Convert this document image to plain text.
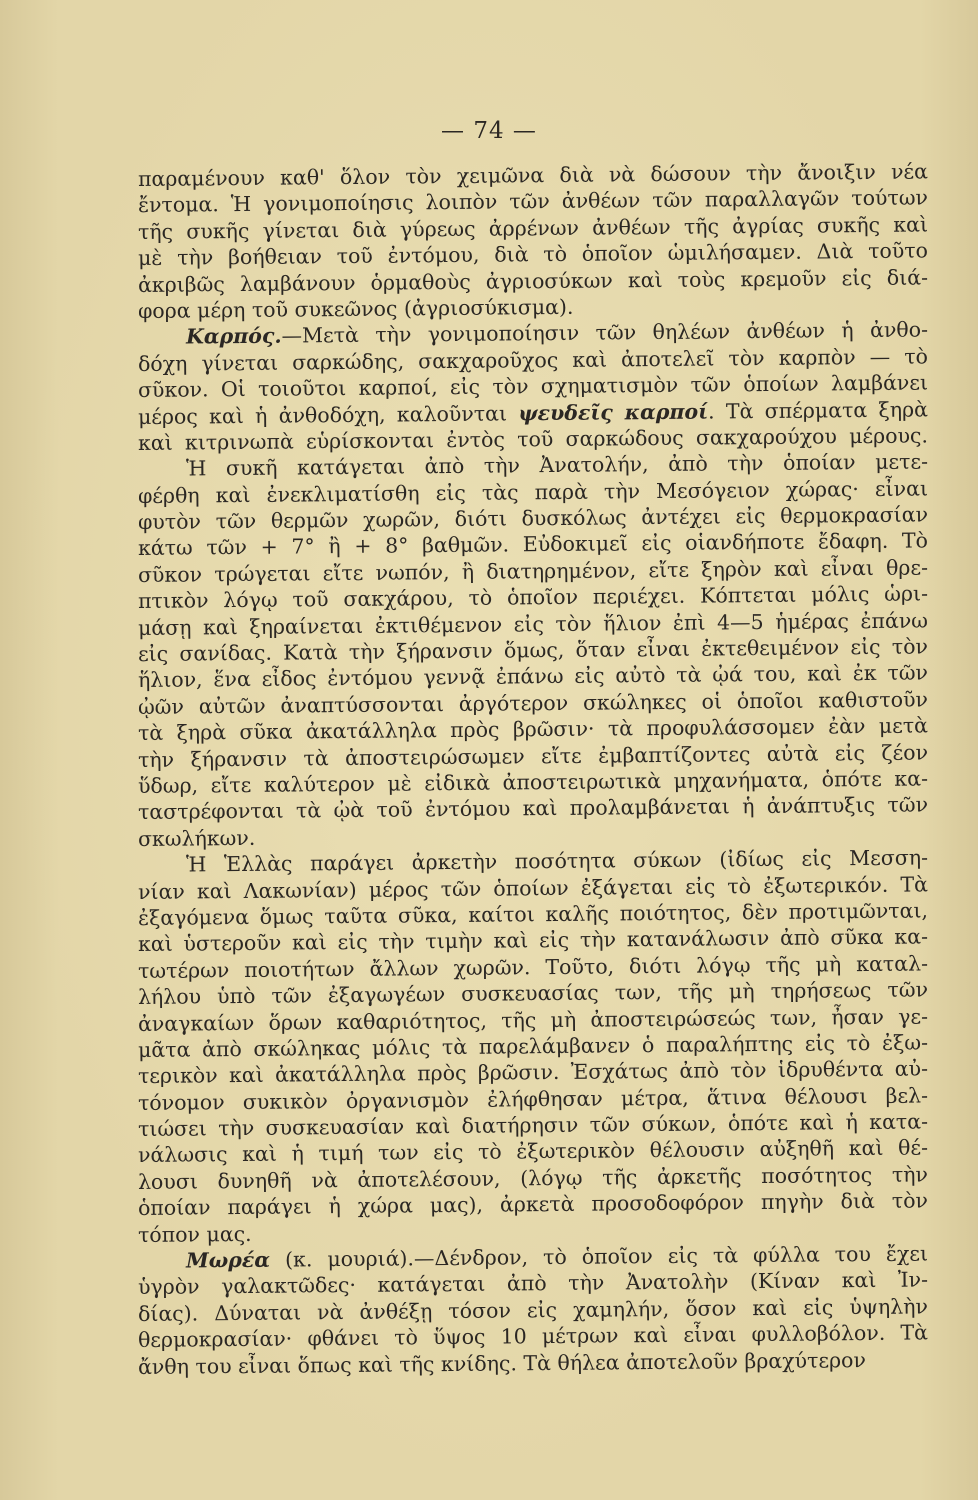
— 74 —
παραμένουν καθ' ὅλον τὸν χειμῶνα διὰ νὰ δώσουν τὴν ἄνοιξιν νέα
ἔντομα. Ἡ γονιμοποίησις λοιπὸν τῶν ἀνθέων τῶν παραλλαγῶν τούτων
τῆς συκῆς γίνεται διὰ γύρεως ἀρρένων ἀνθέων τῆς ἀγρίας συκῆς καὶ
μὲ τὴν βοήθειαν τοῦ ἐντόμου, διὰ τὸ ὁποῖον ὡμιλήσαμεν. Διὰ τοῦτο
ἀκριβῶς λαμβάνουν ὁρμαθοὺς ἀγριοσύκων καὶ τοὺς κρεμοῦν εἰς διά-
φορα μέρη τοῦ συκεῶνος (ἀγριοσύκισμα).
Καρπός.—Μετὰ τὴν γονιμοποίησιν τῶν θηλέων ἀνθέων ἡ ἀνθο-
δόχη γίνεται σαρκώδης, σακχαροῦχος καὶ ἀποτελεῖ τὸν καρπὸν — τὸ
σῦκον. Οἱ τοιοῦτοι καρποί, εἰς τὸν σχηματισμὸν τῶν ὁποίων λαμβάνει
μέρος καὶ ἡ ἀνθοδόχη, καλοῦνται ψευδεῖς καρποί. Τὰ σπέρματα ξηρὰ
καὶ κιτρινωπὰ εὑρίσκονται ἐντὸς τοῦ σαρκώδους σακχαρούχου μέρους.
Ἡ συκῆ κατάγεται ἀπὸ τὴν Ἀνατολήν, ἀπὸ τὴν ὁποίαν μετε-
φέρθη καὶ ἐνεκλιματίσθη εἰς τὰς παρὰ τὴν Μεσόγειον χώρας· εἶναι
φυτὸν τῶν θερμῶν χωρῶν, διότι δυσκόλως ἀντέχει εἰς θερμοκρασίαν
κάτω τῶν + 7° ἢ + 8° βαθμῶν. Εὐδοκιμεῖ εἰς οἱανδήποτε ἔδαφη. Τὸ
σῦκον τρώγεται εἴτε νωπόν, ἢ διατηρημένον, εἴτε ξηρὸν καὶ εἶναι θρε-
πτικὸν λόγῳ τοῦ σακχάρου, τὸ ὁποῖον περιέχει. Κόπτεται μόλις ὡρι-
μάσῃ καὶ ξηραίνεται ἐκτιθέμενον εἰς τὸν ἥλιον ἐπὶ 4—5 ἡμέρας ἐπάνω
εἰς σανίδας. Κατὰ τὴν ξήρανσιν ὅμως, ὅταν εἶναι ἐκτεθειμένον εἰς τὸν
ἥλιον, ἕνα εἶδος ἐντόμου γεννᾷ ἐπάνω εἰς αὐτὸ τὰ ᾠά του, καὶ ἐκ τῶν
ᾠῶν αὐτῶν ἀναπτύσσονται ἀργότερον σκώληκες οἱ ὁποῖοι καθιστοῦν
τὰ ξηρὰ σῦκα ἀκατάλληλα πρὸς βρῶσιν· τὰ προφυλάσσομεν ἐὰν μετὰ
τὴν ξήρανσιν τὰ ἀποστειρώσωμεν εἴτε ἐμβαπτίζοντες αὐτὰ εἰς ζέον
ὕδωρ, εἴτε καλύτερον μὲ εἰδικὰ ἀποστειρωτικὰ μηχανήματα, ὁπότε κα-
ταστρέφονται τὰ ᾠὰ τοῦ ἐντόμου καὶ προλαμβάνεται ἡ ἀνάπτυξις τῶν
σκωλήκων.
Ἡ Ἑλλὰς παράγει ἀρκετὴν ποσότητα σύκων (ἰδίως εἰς Μεσση-
νίαν καὶ Λακωνίαν) μέρος τῶν ὁποίων ἐξάγεται εἰς τὸ ἐξωτερικόν. Τὰ
ἐξαγόμενα ὅμως ταῦτα σῦκα, καίτοι καλῆς ποιότητος, δὲν προτιμῶνται,
καὶ ὑστεροῦν καὶ εἰς τὴν τιμὴν καὶ εἰς τὴν κατανάλωσιν ἀπὸ σῦκα κα-
τωτέρων ποιοτήτων ἄλλων χωρῶν. Τοῦτο, διότι λόγῳ τῆς μὴ καταλ-
λήλου ὑπὸ τῶν ἐξαγωγέων συσκευασίας των, τῆς μὴ τηρήσεως τῶν
ἀναγκαίων ὅρων καθαριότητος, τῆς μὴ ἀποστειρώσεώς των, ἦσαν γε-
μᾶτα ἀπὸ σκώληκας μόλις τὰ παρελάμβανεν ὁ παραλήπτης εἰς τὸ ἐξω-
τερικὸν καὶ ἀκατάλληλα πρὸς βρῶσιν. Ἐσχάτως ἀπὸ τὸν ἱδρυθέντα αὐ-
τόνομον συκικὸν ὀργανισμὸν ἐλήφθησαν μέτρα, ἅτινα θέλουσι βελ-
τιώσει τὴν συσκευασίαν καὶ διατήρησιν τῶν σύκων, ὁπότε καὶ ἡ κατα-
νάλωσις καὶ ἡ τιμή των εἰς τὸ ἐξωτερικὸν θέλουσιν αὐξηθῆ καὶ θέ-
λουσι δυνηθῆ νὰ ἀποτελέσουν, (λόγῳ τῆς ἀρκετῆς ποσότητος τὴν
ὁποίαν παράγει ἡ χώρα μας), ἀρκετὰ προσοδοφόρον πηγὴν διὰ τὸν
τόπον μας.
Μωρέα (κ. μουριά).—Δένδρον, τὸ ὁποῖον εἰς τὰ φύλλα του ἔχει
ὑγρὸν γαλακτῶδες· κατάγεται ἀπὸ τὴν Ἀνατολὴν (Κίναν καὶ Ἰν-
δίας). Δύναται νὰ ἀνθέξῃ τόσον εἰς χαμηλήν, ὅσον καὶ εἰς ὑψηλὴν
θερμοκρασίαν· φθάνει τὸ ὕψος 10 μέτρων καὶ εἶναι φυλλοβόλον. Τὰ
ἄνθη του εἶναι ὅπως καὶ τῆς κνίδης. Τὰ θήλεα ἀποτελοῦν βραχύτερον
